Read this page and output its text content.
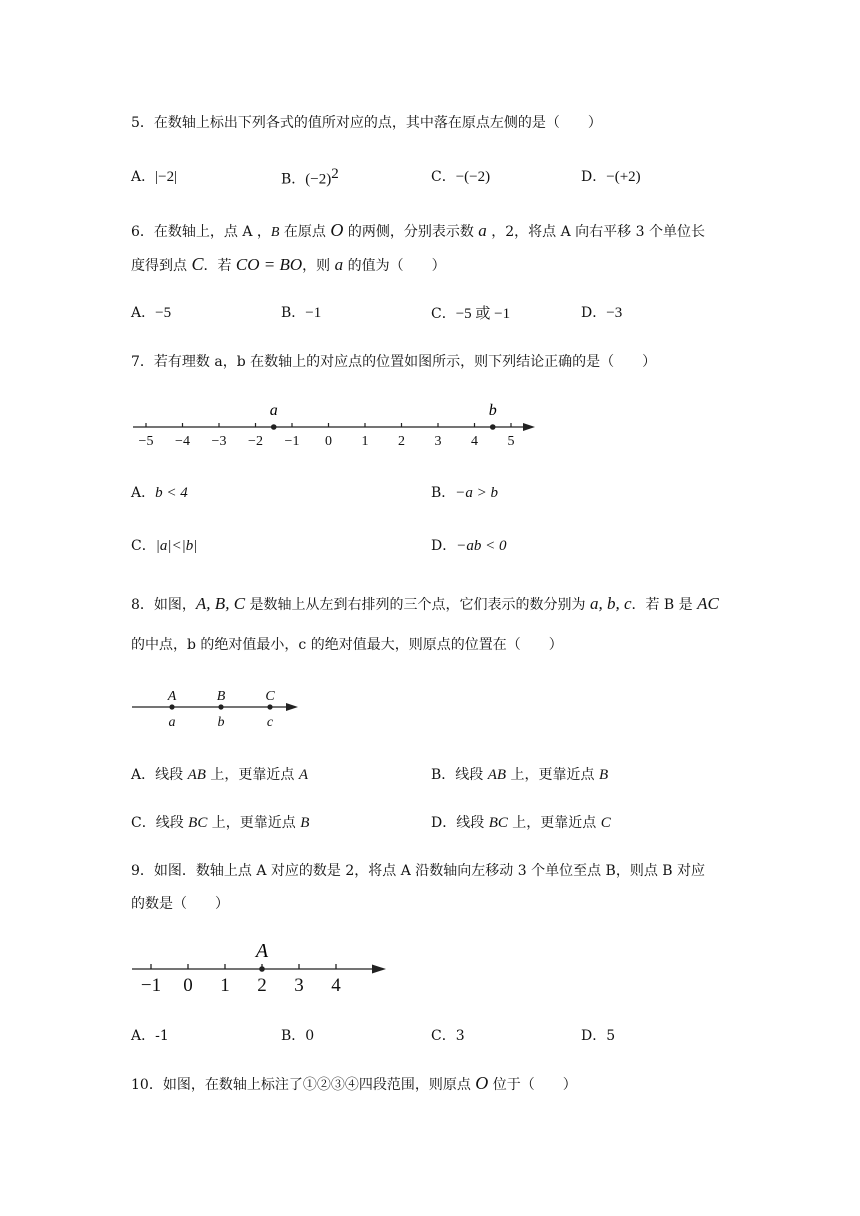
5．在数轴上标出下列各式的值所对应的点，其中落在原点左侧的是（　　）
A．|−2|	B．$(-2)^2$	C．−(−2)	D．−(+2)
6．在数轴上，点 A ，B 在原点 O 的两侧，分别表示数 a ，2，将点 A 向右平移 3 个单位长
度得到点 C．若 CO = BO，则 a 的值为（　　）
A．−5	B．−1	C．−5 或 −1	D．−3
7．若有理数 a，b 在数轴上的对应点的位置如图所示，则下列结论正确的是（　　）
−5 −4 −3 −2 −1 0 1 2 3 4 5
a	b
A．b < 4	B．−a > b
C．|a|<|b|	D．−ab < 0
8．如图，A, B, C 是数轴上从左到右排列的三个点，它们表示的数分别为 a, b, c．若 B 是 AC
的中点，b 的绝对值最小，c 的绝对值最大，则原点的位置在（　　）
A
a
B
b
C
c
A．线段 AB 上，更靠近点 A	B．线段 AB 上，更靠近点 B
C．线段 BC 上，更靠近点 B	D．线段 BC 上，更靠近点 C
9．如图．数轴上点 A 对应的数是 2，将点 A 沿数轴向左移动 3 个单位至点 B，则点 B 对应
的数是（　　）
−1 0 1 2 3 4
A
A．-1	B．0	C．3	D．5
10．如图，在数轴上标注了①②③④四段范围，则原点 O 位于（　　）
